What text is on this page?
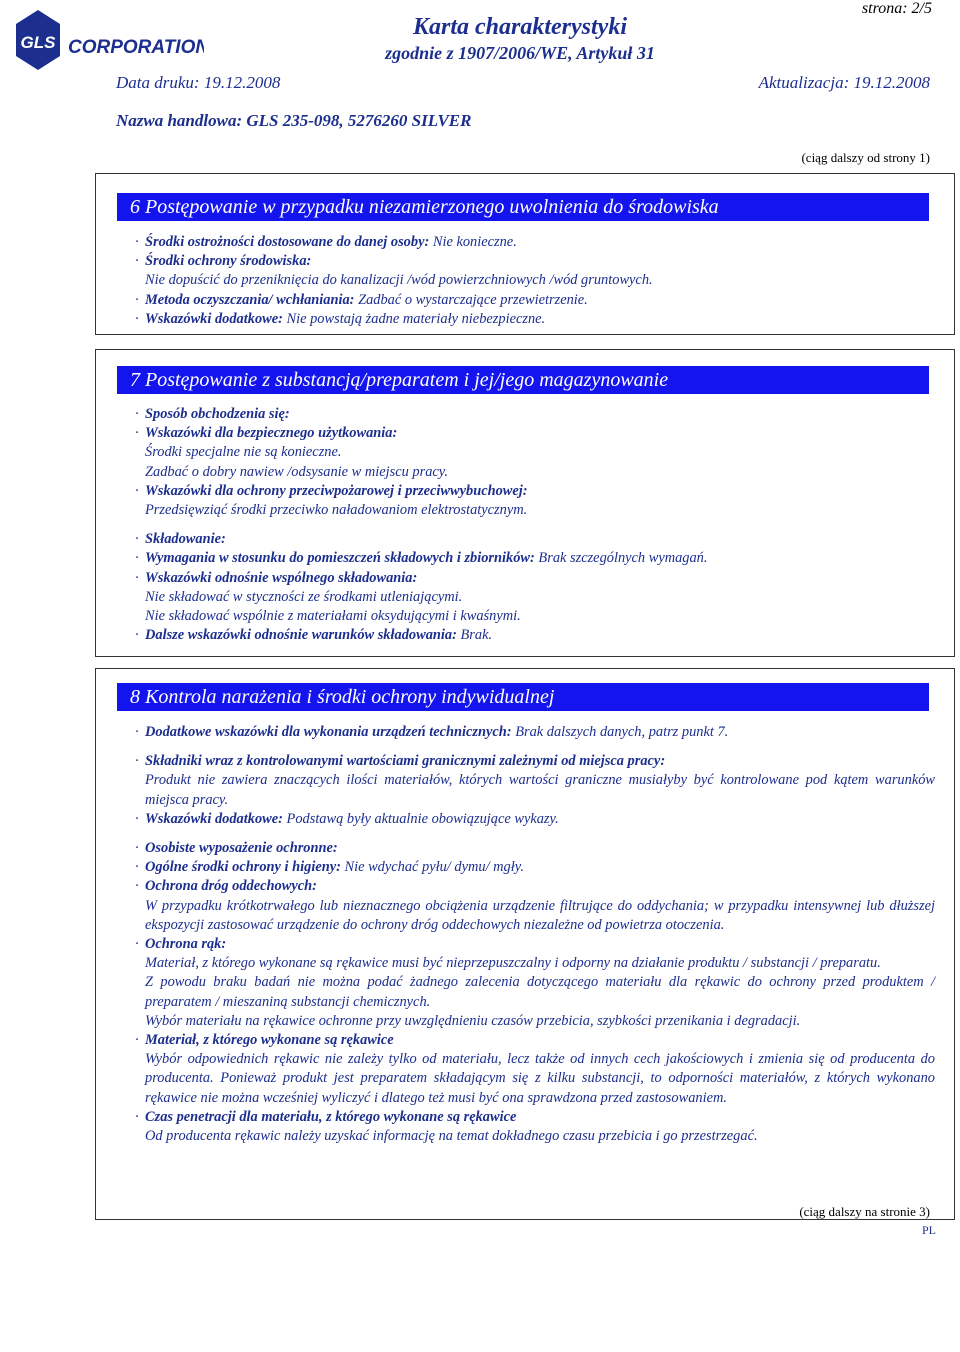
GLS CORPORATION
strona: 2/5
Karta charakterystyki
zgodnie z 1907/2006/WE, Artykuł 31
Data druku: 19.12.2008	Aktualizacja: 19.12.2008
Nazwa handlowa: GLS 235-098, 5276260 SILVER
(ciąg dalszy od strony 1)
6 Postępowanie w przypadku niezamierzonego uwolnienia do środowiska
· Środki ostrożności dostosowane do danej osoby: Nie konieczne.
· Środki ochrony środowiska:
Nie dopuścić do przeniknięcia do kanalizacji /wód powierzchniowych /wód gruntowych.
· Metoda oczyszczania/ wchłaniania: Zadbać o wystarczające przewietrzenie.
· Wskazówki dodatkowe: Nie powstają żadne materiały niebezpieczne.
7 Postępowanie z substancją/preparatem i jej/jego magazynowanie
· Sposób obchodzenia się:
· Wskazówki dla bezpiecznego użytkowania:
Środki specjalne nie są konieczne.
Zadbać o dobry nawiew /odsysanie w miejscu pracy.
· Wskazówki dla ochrony przeciwpożarowej i przeciwwybuchowej:
Przedsięwziąć środki przeciwko naładowaniom elektrostatycznym.
· Składowanie:
· Wymagania w stosunku do pomieszczeń składowych i zbiorników: Brak szczególnych wymagań.
· Wskazówki odnośnie wspólnego składowania:
Nie składować w styczności ze środkami utleniającymi.
Nie składować wspólnie z materiałami oksydującymi i kwaśnymi.
· Dalsze wskazówki odnośnie warunków składowania: Brak.
8 Kontrola narażenia i środki ochrony indywidualnej
· Dodatkowe wskazówki dla wykonania urządzeń technicznych: Brak dalszych danych, patrz punkt 7.
· Składniki wraz z kontrolowanymi wartościami granicznymi zależnymi od miejsca pracy:
Produkt nie zawiera znaczących ilości materiałów, których wartości graniczne musiałyby być kontrolowane pod kątem warunków miejsca pracy.
· Wskazówki dodatkowe: Podstawą były aktualnie obowiązujące wykazy.
· Osobiste wyposażenie ochronne:
· Ogólne środki ochrony i higieny: Nie wdychać pyłu/ dymu/ mgły.
· Ochrona dróg oddechowych:
W przypadku krótkotrwałego lub nieznacznego obciążenia urządzenie filtrujące do oddychania; w przypadku intensywnej lub dłuższej ekspozycji zastosować urządzenie do ochrony dróg oddechowych niezależne od powietrza otoczenia.
· Ochrona rąk:
Materiał, z którego wykonane są rękawice musi być nieprzepuszczalny i odporny na działanie produktu / substancji / preparatu.
Z powodu braku badań nie można podać żadnego zalecenia dotyczącego materiału dla rękawic do ochrony przed produktem / preparatem / mieszaniną substancji chemicznych.
Wybór materiału na rękawice ochronne przy uwzględnieniu czasów przebicia, szybkości przenikania i degradacji.
· Materiał, z którego wykonane są rękawice
Wybór odpowiednich rękawic nie zależy tylko od materiału, lecz także od innych cech jakościowych i zmienia się od producenta do producenta. Ponieważ produkt jest preparatem składającym się z kilku substancji, to odporności materiałów, z których wykonano rękawice nie można wcześniej wyliczyć i dlatego też musi być ona sprawdzona przed zastosowaniem.
· Czas penetracji dla materiału, z którego wykonane są rękawice
Od producenta rękawic należy uzyskać informację na temat dokładnego czasu przebicia i go przestrzegać.
(ciąg dalszy na stronie 3)
PL
